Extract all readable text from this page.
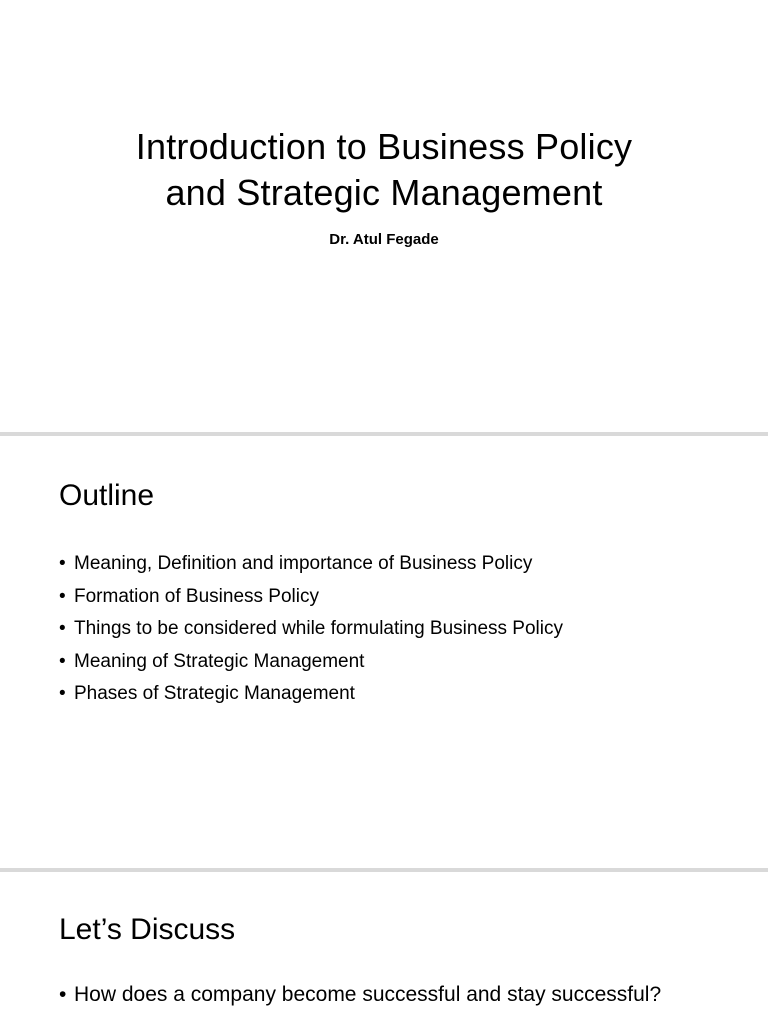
Introduction to Business Policy
and Strategic Management

Dr. Atul Fegade

Outline
• Meaning, Definition and importance of Business Policy
• Formation of Business Policy
• Things to be considered while formulating Business Policy
• Meaning of Strategic Management
• Phases of Strategic Management
Let’s Discuss
• How does a company become successful and stay successful?
